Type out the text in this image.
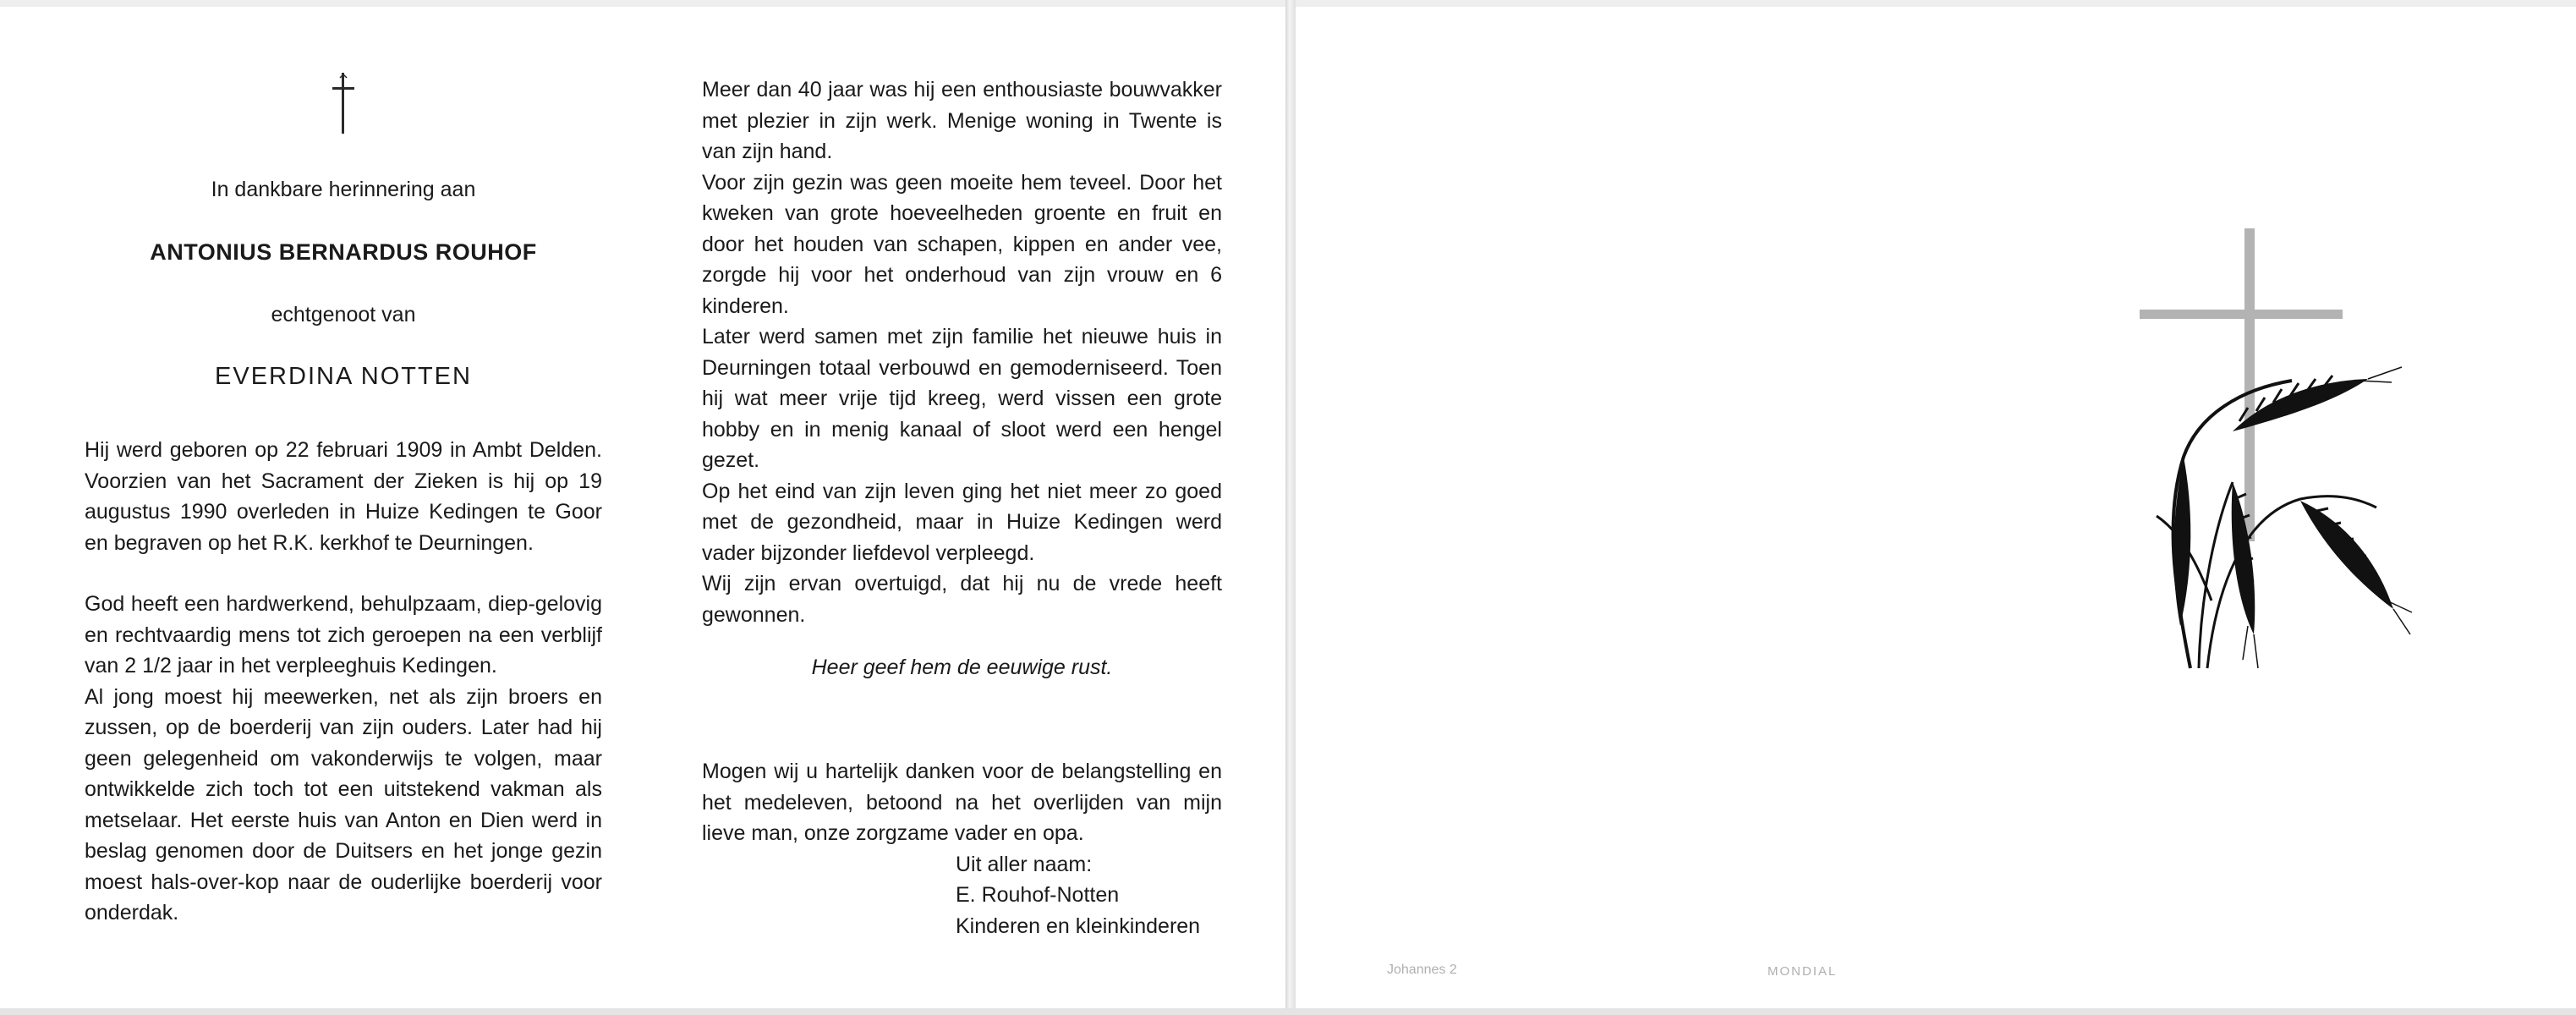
In dankbare herinnering aan
ANTONIUS BERNARDUS ROUHOF
echtgenoot van
EVERDINA NOTTEN

Hij werd geboren op 22 februari 1909 in Ambt Delden. Voorzien van het Sacrament der Zieken is hij op 19 augustus 1990 overleden in Huize Kedingen te Goor en begraven op het R.K. kerkhof te Deurningen.

God heeft een hardwerkend, behulpzaam, diep-gelovig en rechtvaardig mens tot zich geroepen na een verblijf van 2 1/2 jaar in het verpleeghuis Kedingen.

Al jong moest hij meewerken, net als zijn broers en zussen, op de boerderij van zijn ouders. Later had hij geen gelegenheid om vakonderwijs te volgen, maar ontwikkelde zich toch tot een uitstekend vakman als metselaar. Het eerste huis van Anton en Dien werd in beslag genomen door de Duitsers en het jonge gezin moest hals-over-kop naar de ouderlijke boerderij voor onderdak.

Meer dan 40 jaar was hij een enthousiaste bouwvakker met plezier in zijn werk. Menige woning in Twente is van zijn hand.

Voor zijn gezin was geen moeite hem teveel. Door het kweken van grote hoeveelheden groente en fruit en door het houden van schapen, kippen en ander vee, zorgde hij voor het onderhoud van zijn vrouw en 6 kinderen.

Later werd samen met zijn familie het nieuwe huis in Deurningen totaal verbouwd en gemoderniseerd. Toen hij wat meer vrije tijd kreeg, werd vissen een grote hobby en in menig kanaal of sloot werd een hengel gezet.

Op het eind van zijn leven ging het niet meer zo goed met de gezondheid, maar in Huize Kedingen werd vader bijzonder liefdevol verpleegd.

Wij zijn ervan overtuigd, dat hij nu de vrede heeft gewonnen.

Heer geef hem de eeuwige rust.

Mogen wij u hartelijk danken voor de belangstelling en het medeleven, betoond na het overlijden van mijn lieve man, onze zorgzame vader en opa.

Uit aller naam:
E. Rouhof-Notten
Kinderen en kleinkinderen
Johannes 2	MONDIAL
